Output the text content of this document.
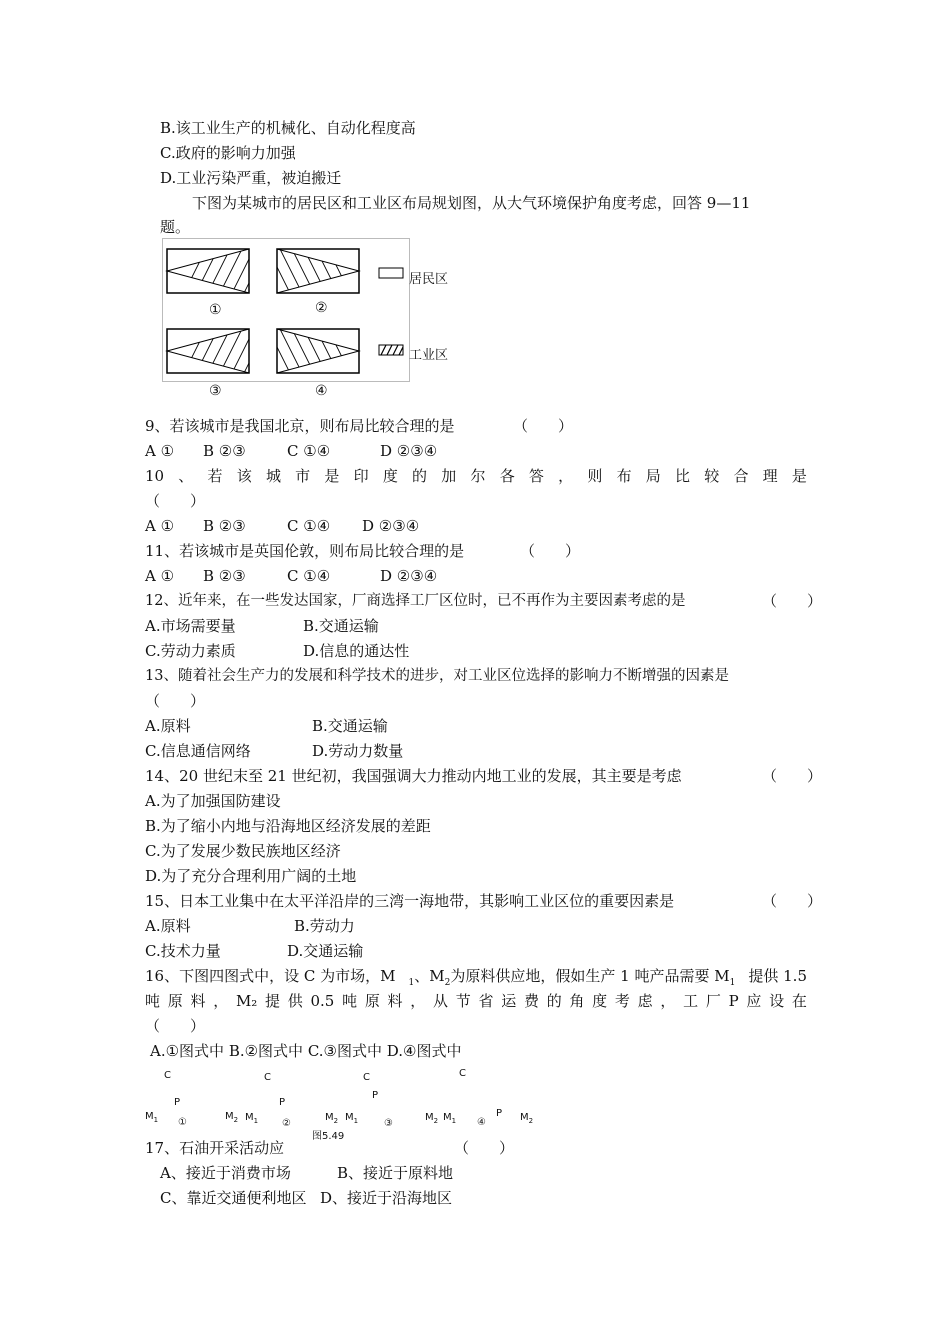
B.该工业生产的机械化、自动化程度高
C.政府的影响力加强
D.工业污染严重，被迫搬迁
下图为某城市的居民区和工业区布局规划图，从大气环境保护角度考虑，回答 9—11
题。
①	②
③	④
居民区
工业区
9、若该城市是我国北京，则布局比较合理的是	（　　）
A ① B ②③	C ①④	D ②③④
10 、 若 该 城 市 是 印 度 的 加 尔 各 答 ， 则 布 局 比 较 合 理 是
（　　）
A ① B ②③	C ①④ D ②③④
11、若该城市是英国伦敦，则布局比较合理的是	（　　）
A ① B ②③	C ①④	D ②③④
12、近年来，在一些发达国家，厂商选择工厂区位时，已不再作为主要因素考虑的是	（　　）
A.市场需要量	B.交通运输
C.劳动力素质	D.信息的通达性
13、随着社会生产力的发展和科学技术的进步，对工业区位选择的影响力不断增强的因素是
（　　）
A.原料	B.交通运输
C.信息通信网络	D.劳动力数量
14、20 世纪末至 21 世纪初，我国强调大力推动内地工业的发展，其主要是考虑	（　　）
A.为了加强国防建设
B.为了缩小内地与沿海地区经济发展的差距
C.为了发展少数民族地区经济
D.为了充分合理利用广阔的土地
15、日本工业集中在太平洋沿岸的三湾一海地带，其影响工业区位的重要因素是	（　　）
A.原料	B.劳动力
C.技术力量	D.交通运输
16、下图四图式中，设 C 为市场，M $_1$、$M_2$为原料供应地，假如生产 1 吨产品需要 $M_1$ 提供 1.5
吨 原 料 ， M₂ 提 供 0.5 吨 原 料 ， 从 节 省 运 费 的 角 度 考 虑 ， 工 厂 P 应 设 在
（　　）
A.①图式中 B.②图式中 C.③图式中 D.④图式中
C
P
$M_1$ ①
$M_2$
C
P
$M_1$ ②
$M_2$
图5.49
C
P
$M_1$	③
$M_2$
C
P
$M_1$ ④	$M_2$
17、石油开采活动应	（　　）
A、接近于消费市场	B、接近于原料地
C、靠近交通便利地区 D、接近于沿海地区
